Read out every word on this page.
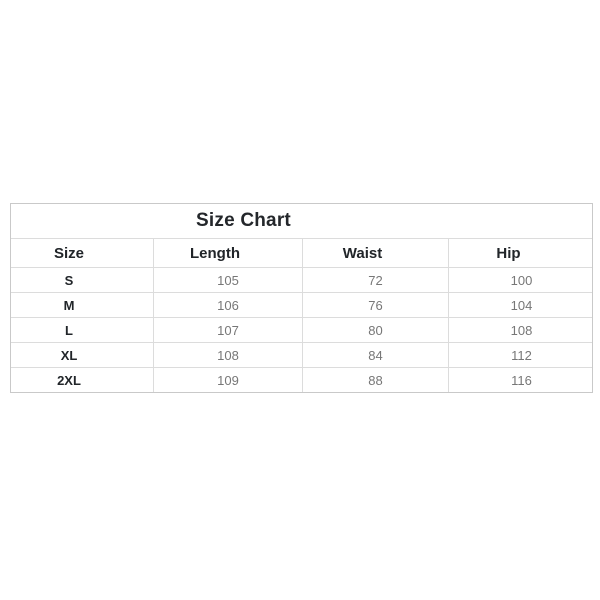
Size Chart
Size	Length	Waist	Hip
S	105	72	100
M	106	76	104
L	107	80	108
XL	108	84	112
2XL	109	88	116
